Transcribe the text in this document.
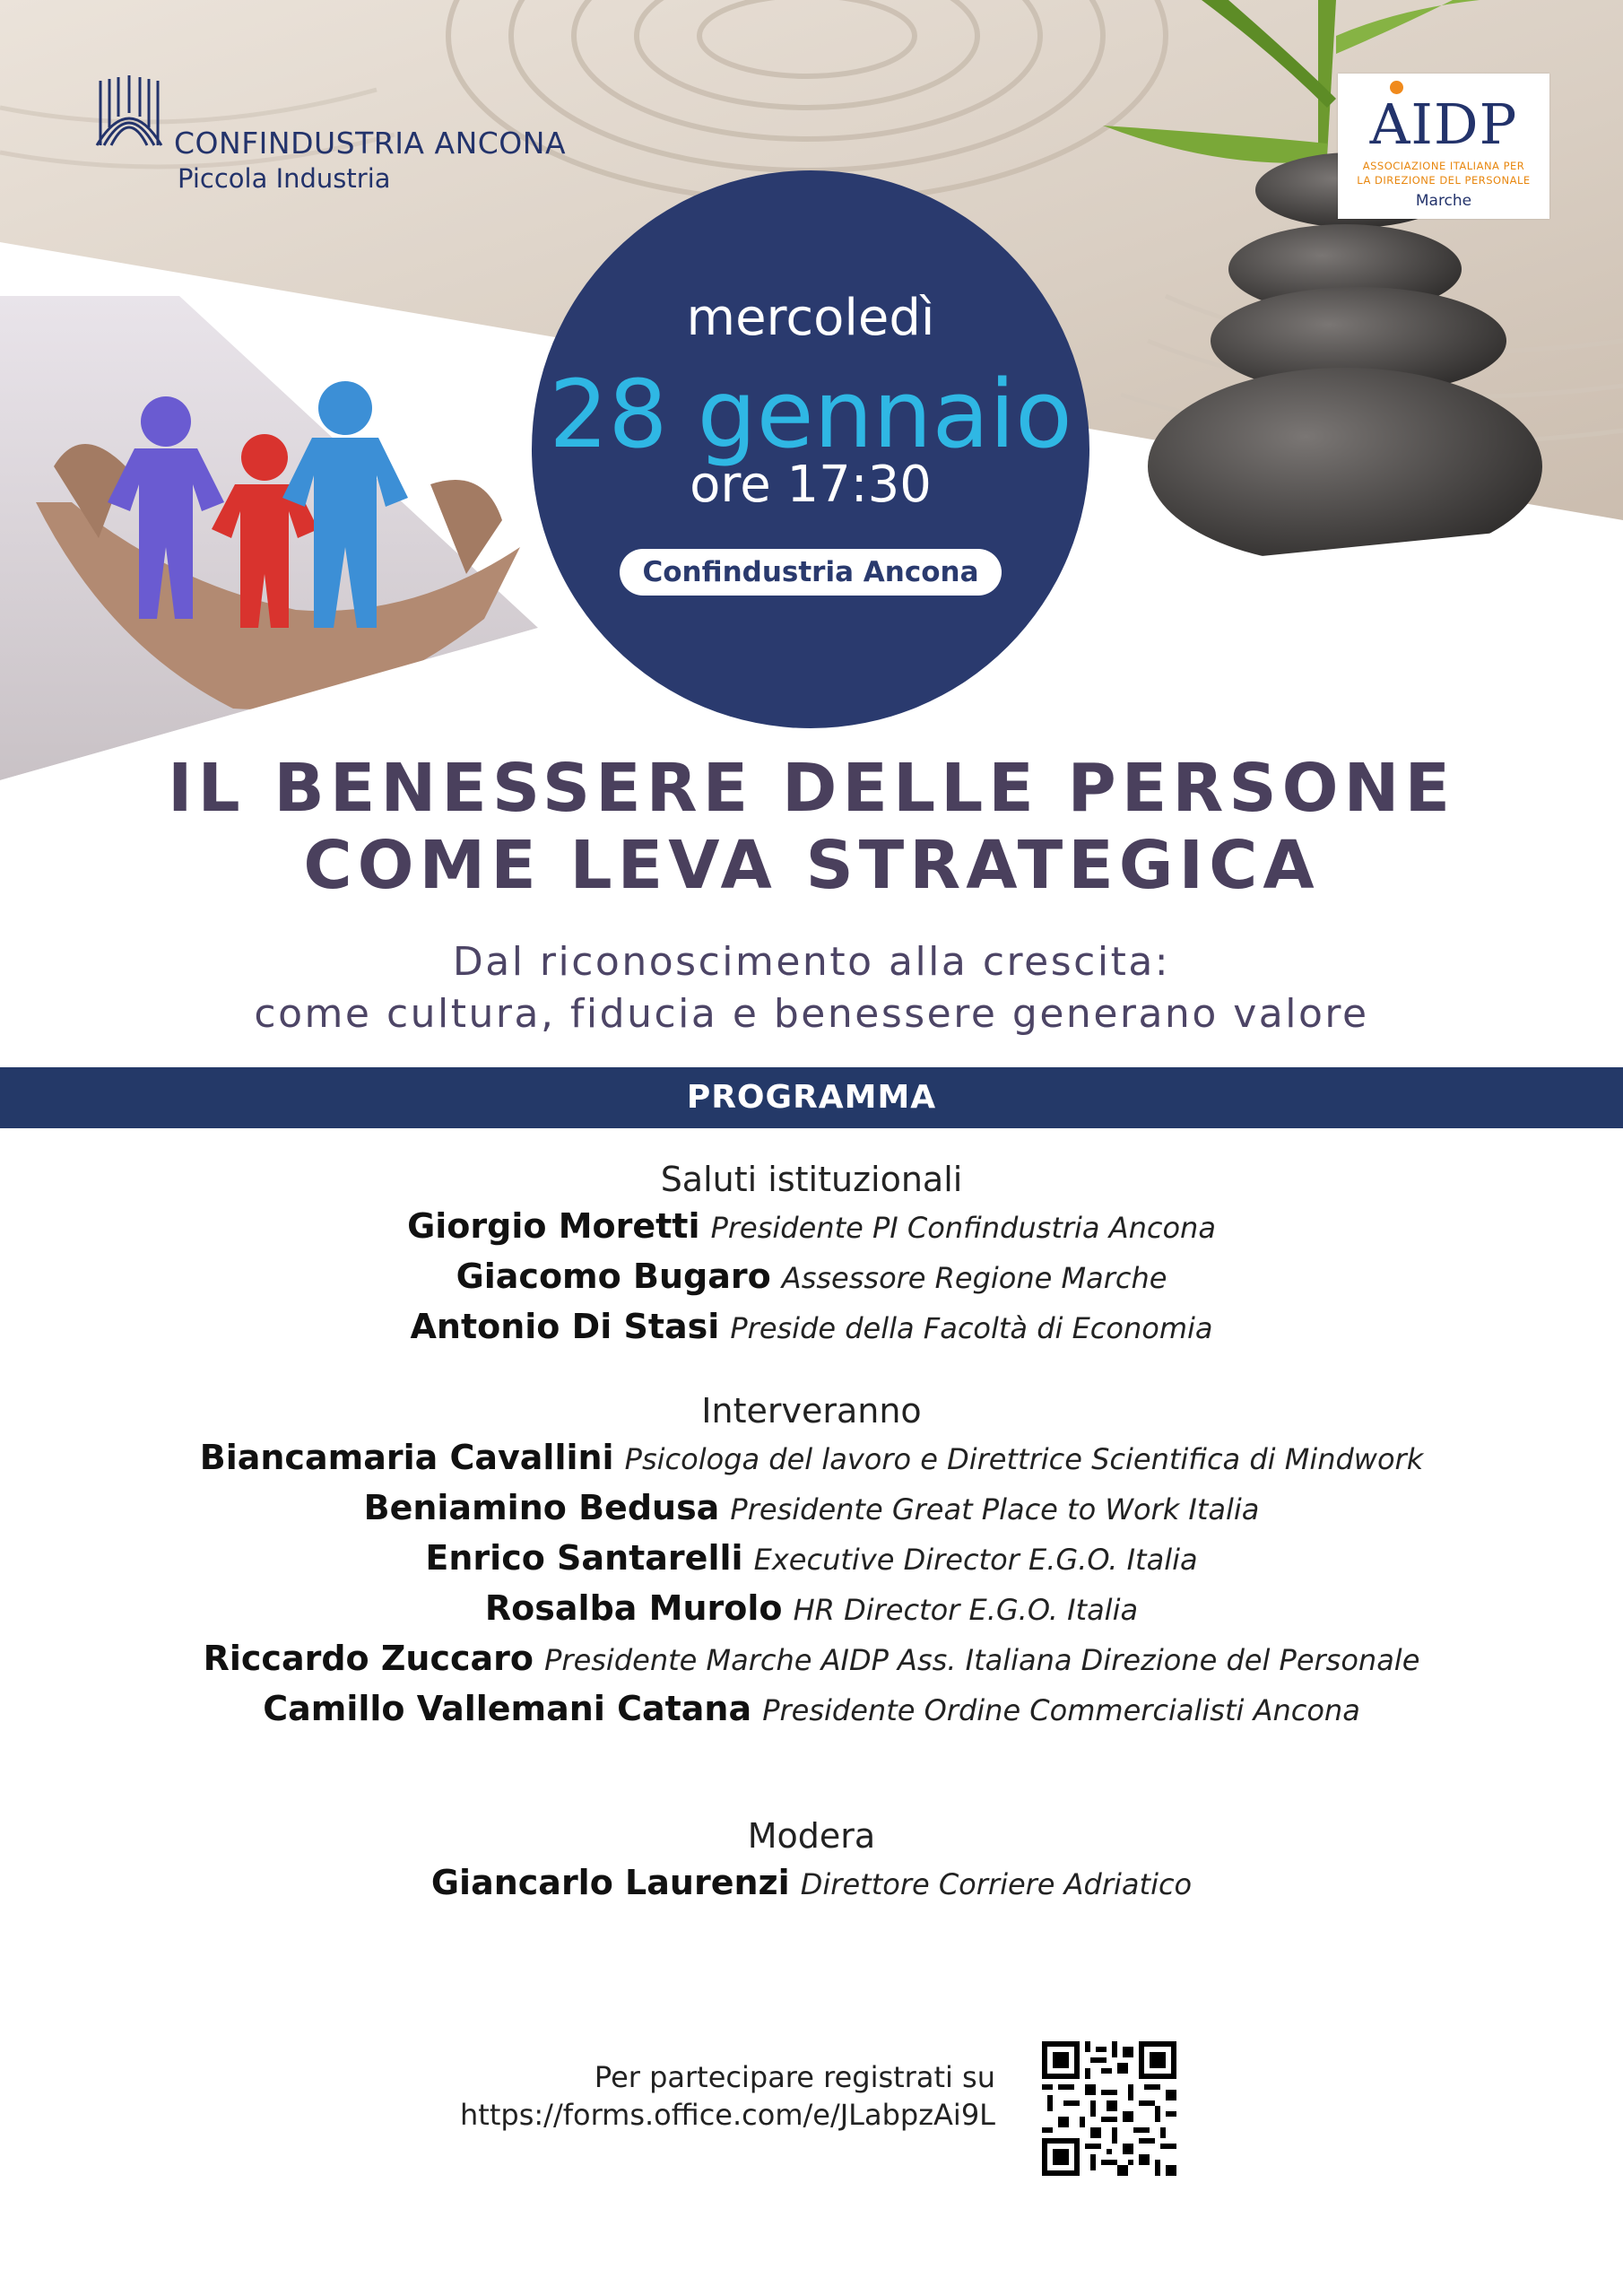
CONFINDUSTRIA ANCONA
Piccola Industria
AIDP
ASSOCIAZIONE ITALIANA PER
LA DIREZIONE DEL PERSONALE
Marche
mercoledì
28 gennaio
ore 17:30
Confindustria Ancona
IL BENESSERE DELLE PERSONE
COME LEVA STRATEGICA
Dal riconoscimento alla crescita:
come cultura, fiducia e benessere generano valore
PROGRAMMA
Saluti istituzionali
Giorgio Moretti Presidente PI Confindustria Ancona
Giacomo Bugaro Assessore Regione Marche
Antonio Di Stasi Preside della Facoltà di Economia
Interveranno
Biancamaria Cavallini Psicologa del lavoro e Direttrice Scientifica di Mindwork
Beniamino Bedusa Presidente Great Place to Work Italia
Enrico Santarelli Executive Director E.G.O. Italia
Rosalba Murolo HR Director E.G.O. Italia
Riccardo Zuccaro Presidente Marche AIDP Ass. Italiana Direzione del Personale
Camillo Vallemani Catana Presidente Ordine Commercialisti Ancona
Modera
Giancarlo Laurenzi Direttore Corriere Adriatico
Per partecipare registrati su
https://forms.office.com/e/JLabpzAi9L
